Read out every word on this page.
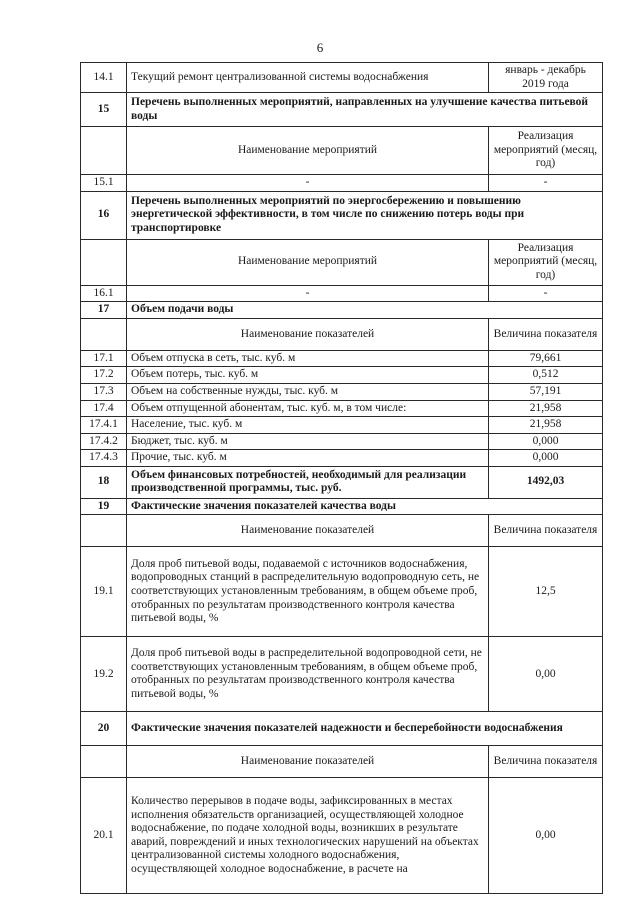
6
14.1	Текущий ремонт централизованной системы водоснабжения	январь - декабрь 2019 года
15	Перечень выполненных мероприятий, направленных на улучшение качества питьевой воды	
	Наименование мероприятий	Реализация мероприятий (месяц, год)
15.1	-	-
16	Перечень выполненных мероприятий по энергосбережению и повышению энергетической эффективности, в том числе по снижению потерь воды при транспортировке	
	Наименование мероприятий	Реализация мероприятий (месяц, год)
16.1	-	-
17	Объем подачи воды	
	Наименование показателей	Величина показателя
17.1	Объем отпуска в сеть, тыс. куб. м	79,661
17.2	Объем потерь, тыс. куб. м	0,512
17.3	Объем на собственные нужды, тыс. куб. м	57,191
17.4	Объем отпущенной абонентам, тыс. куб. м, в том числе:	21,958
17.4.1	Население, тыс. куб. м	21,958
17.4.2	Бюджет, тыс. куб. м	0,000
17.4.3	Прочие, тыс. куб. м	0,000
18	Объем финансовых потребностей, необходимый для реализации производственной программы, тыс. руб.	1492,03
19	Фактические значения показателей качества воды	
	Наименование показателей	Величина показателя
19.1	Доля проб питьевой воды, подаваемой с источников водоснабжения, водопроводных станций в распределительную водопроводную сеть, не соответствующих установленным требованиям, в общем объеме проб, отобранных по результатам производственного контроля качества питьевой воды, %	12,5
19.2	Доля проб питьевой воды в распределительной водопроводной сети, не соответствующих установленным требованиям, в общем объеме проб, отобранных по результатам производственного контроля качества питьевой воды, %	0,00
20	Фактические значения показателей надежности и бесперебойности водоснабжения	
	Наименование показателей	Величина показателя
20.1	Количество перерывов в подаче воды, зафиксированных в местах исполнения обязательств организацией, осуществляющей холодное водоснабжение, по подаче холодной воды, возникших в результате аварий, повреждений и иных технологических нарушений на объектах централизованной системы холодного водоснабжения, осуществляющей холодное водоснабжение, в расчете на	0,00
